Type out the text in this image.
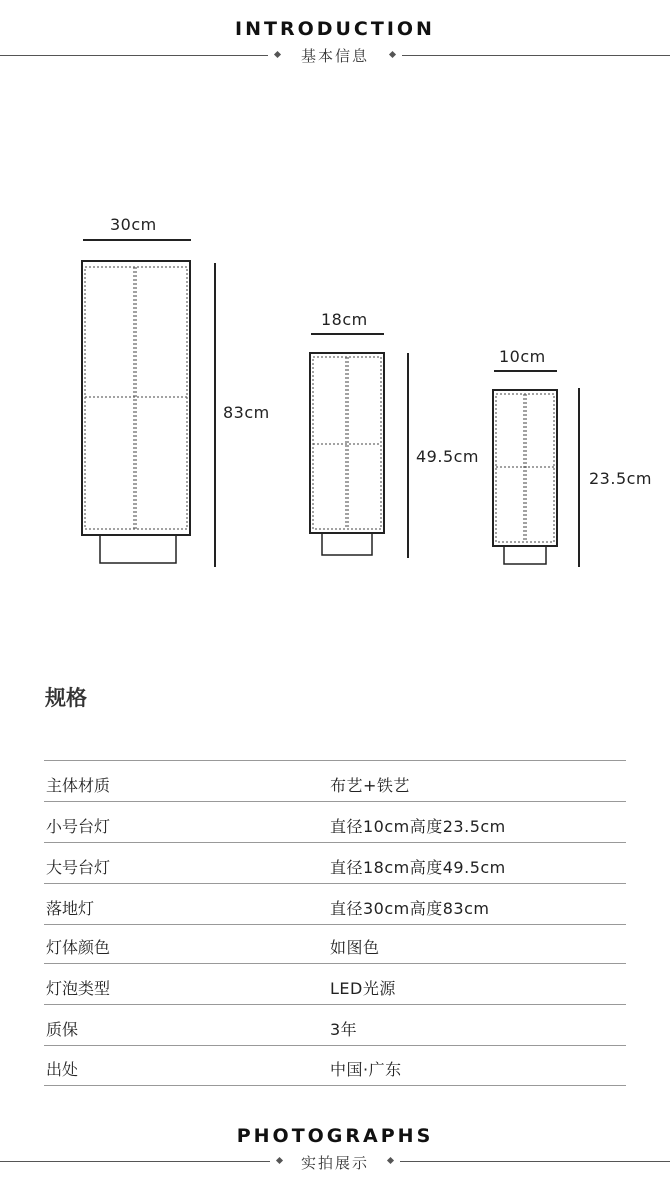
INTRODUCTION
基本信息
30cm
83cm
18cm
49.5cm
10cm
23.5cm
规格
主体材质	布艺+铁艺
小号台灯	直径10cm高度23.5cm
大号台灯	直径18cm高度49.5cm
落地灯	直径30cm高度83cm
灯体颜色	如图色
灯泡类型	LED光源
质保	3年
出处	中国·广东
PHOTOGRAPHS
实拍展示
